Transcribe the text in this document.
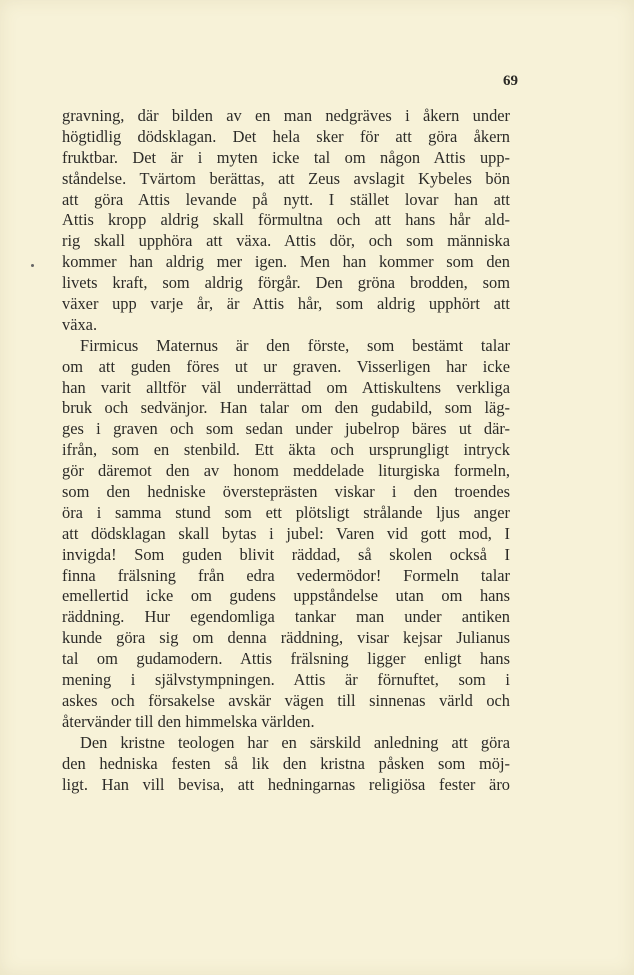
69
gravning, där bilden av en man nedgräves i åkern under
högtidlig dödsklagan. Det hela sker för att göra åkern
fruktbar. Det är i myten icke tal om någon Attis upp-
ståndelse. Tvärtom berättas, att Zeus avslagit Kybeles bön
att göra Attis levande på nytt. I stället lovar han att
Attis kropp aldrig skall förmultna och att hans hår ald-
rig skall upphöra att växa. Attis dör, och som människa
kommer han aldrig mer igen. Men han kommer som den
livets kraft, som aldrig förgår. Den gröna brodden, som
växer upp varje år, är Attis hår, som aldrig upphört att
växa.
Firmicus Maternus är den förste, som bestämt talar
om att guden föres ut ur graven. Visserligen har icke
han varit alltför väl underrättad om Attiskultens verkliga
bruk och sedvänjor. Han talar om den gudabild, som läg-
ges i graven och som sedan under jubelrop bäres ut där-
ifrån, som en stenbild. Ett äkta och ursprungligt intryck
gör däremot den av honom meddelade liturgiska formeln,
som den hedniske översteprästen viskar i den troendes
öra i samma stund som ett plötsligt strålande ljus anger
att dödsklagan skall bytas i jubel: Varen vid gott mod, I
invigda! Som guden blivit räddad, så skolen också I
finna frälsning från edra vedermödor! Formeln talar
emellertid icke om gudens uppståndelse utan om hans
räddning. Hur egendomliga tankar man under antiken
kunde göra sig om denna räddning, visar kejsar Julianus
tal om gudamodern. Attis frälsning ligger enligt hans
mening i självstympningen. Attis är förnuftet, som i
askes och försakelse avskär vägen till sinnenas värld och
återvänder till den himmelska världen.
Den kristne teologen har en särskild anledning att göra
den hedniska festen så lik den kristna påsken som möj-
ligt. Han vill bevisa, att hedningarnas religiösa fester äro
